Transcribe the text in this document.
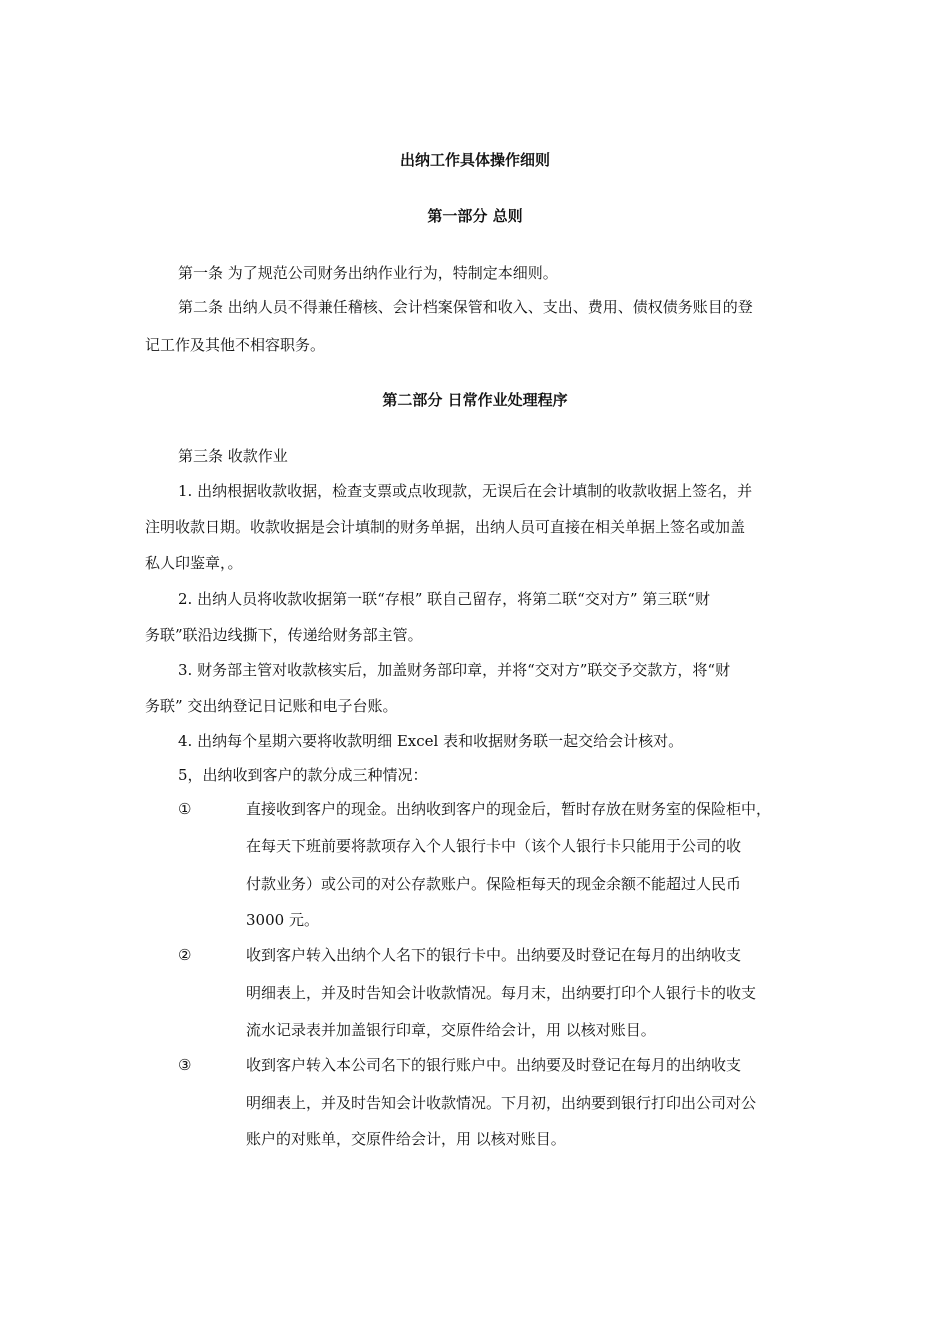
出纳工作具体操作细则
第一部分 总则
第一条 为了规范公司财务出纳作业行为，特制定本细则。
第二条 出纳人员不得兼任稽核、会计档案保管和收入、支出、费用、债权债务账目的登
记工作及其他不相容职务。
第二部分 日常作业处理程序
第三条 收款作业
1. 出纳根据收款收据，检查支票或点收现款，无误后在会计填制的收款收据上签名，并
注明收款日期。收款收据是会计填制的财务单据，出纳人员可直接在相关单据上签名或加盖
私人印鉴章，。
2. 出纳人员将收款收据第一联“存根” 联自己留存，将第二联“交对方” 第三联“财
务联”联沿边线撕下，传递给财务部主管。
3. 财务部主管对收款核实后，加盖财务部印章，并将“交对方”联交予交款方，将“财
务联” 交出纳登记日记账和电子台账。
4. 出纳每个星期六要将收款明细 Excel 表和收据财务联一起交给会计核对。
5，出纳收到客户的款分成三种情况：
①	直接收到客户的现金。出纳收到客户的现金后，暂时存放在财务室的保险柜中，
在每天下班前要将款项存入个人银行卡中（该个人银行卡只能用于公司的收
付款业务）或公司的对公存款账户。保险柜每天的现金余额不能超过人民币
3000 元。
②	收到客户转入出纳个人名下的银行卡中。出纳要及时登记在每月的出纳收支
明细表上，并及时告知会计收款情况。每月末，出纳要打印个人银行卡的收支
流水记录表并加盖银行印章，交原件给会计，用 以核对账目。
③	收到客户转入本公司名下的银行账户中。出纳要及时登记在每月的出纳收支
明细表上，并及时告知会计收款情况。下月初，出纳要到银行打印出公司对公
账户的对账单，交原件给会计，用 以核对账目。
